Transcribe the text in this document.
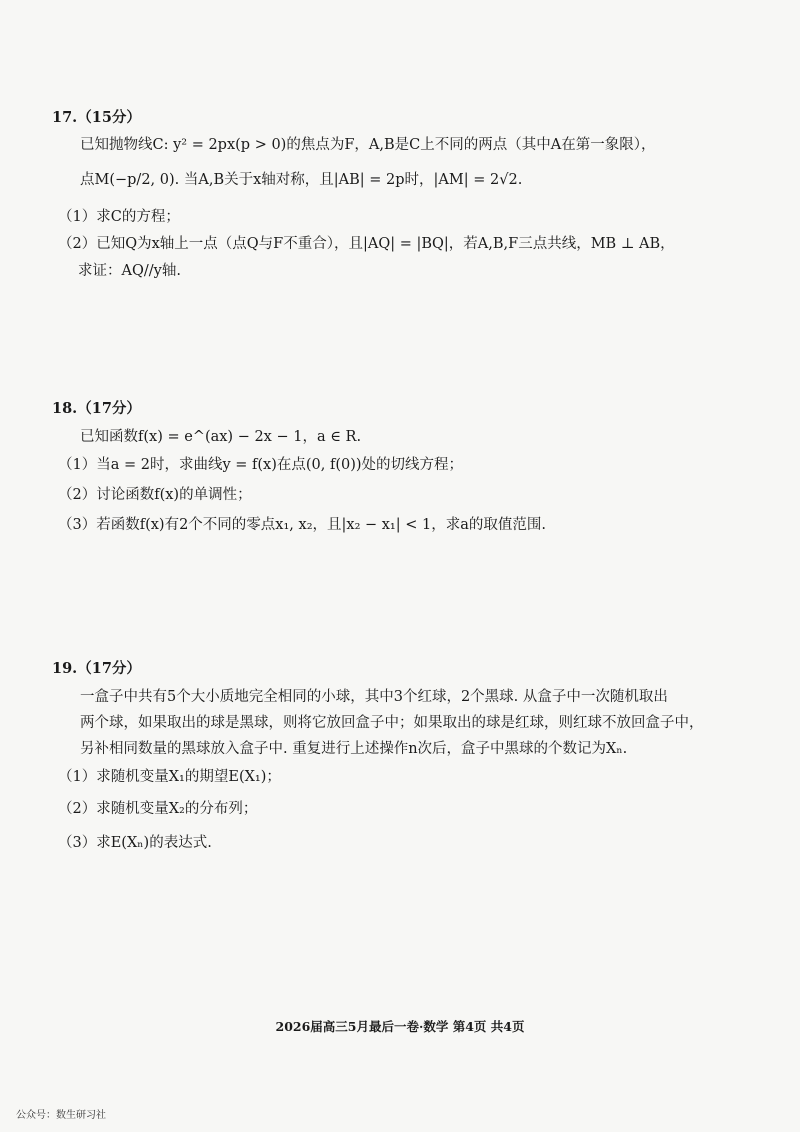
17.（15分）
已知抛物线C: y² = 2px(p > 0)的焦点为F，A,B是C上不同的两点（其中A在第一象限），
点M(−p/2, 0). 当A,B关于x轴对称，且|AB| = 2p时，|AM| = 2√2.
（1）求C的方程；
（2）已知Q为x轴上一点（点Q与F不重合），且|AQ| = |BQ|，若A,B,F三点共线，MB ⊥ AB，
求证：AQ//y轴.
18.（17分）
已知函数f(x) = e^(ax) − 2x − 1，a ∈ R.
（1）当a = 2时，求曲线y = f(x)在点(0, f(0))处的切线方程；
（2）讨论函数f(x)的单调性；
（3）若函数f(x)有2个不同的零点x₁, x₂，且|x₂ − x₁| < 1，求a的取值范围.
19.（17分）
一盒子中共有5个大小质地完全相同的小球，其中3个红球，2个黑球. 从盒子中一次随机取出
两个球，如果取出的球是黑球，则将它放回盒子中；如果取出的球是红球，则红球不放回盒子中，
另补相同数量的黑球放入盒子中. 重复进行上述操作n次后，盒子中黑球的个数记为Xₙ.
（1）求随机变量X₁的期望E(X₁)；
（2）求随机变量X₂的分布列；
（3）求E(Xₙ)的表达式.
2026届高三5月最后一卷·数学 第4页 共4页
公众号：数生研习社
